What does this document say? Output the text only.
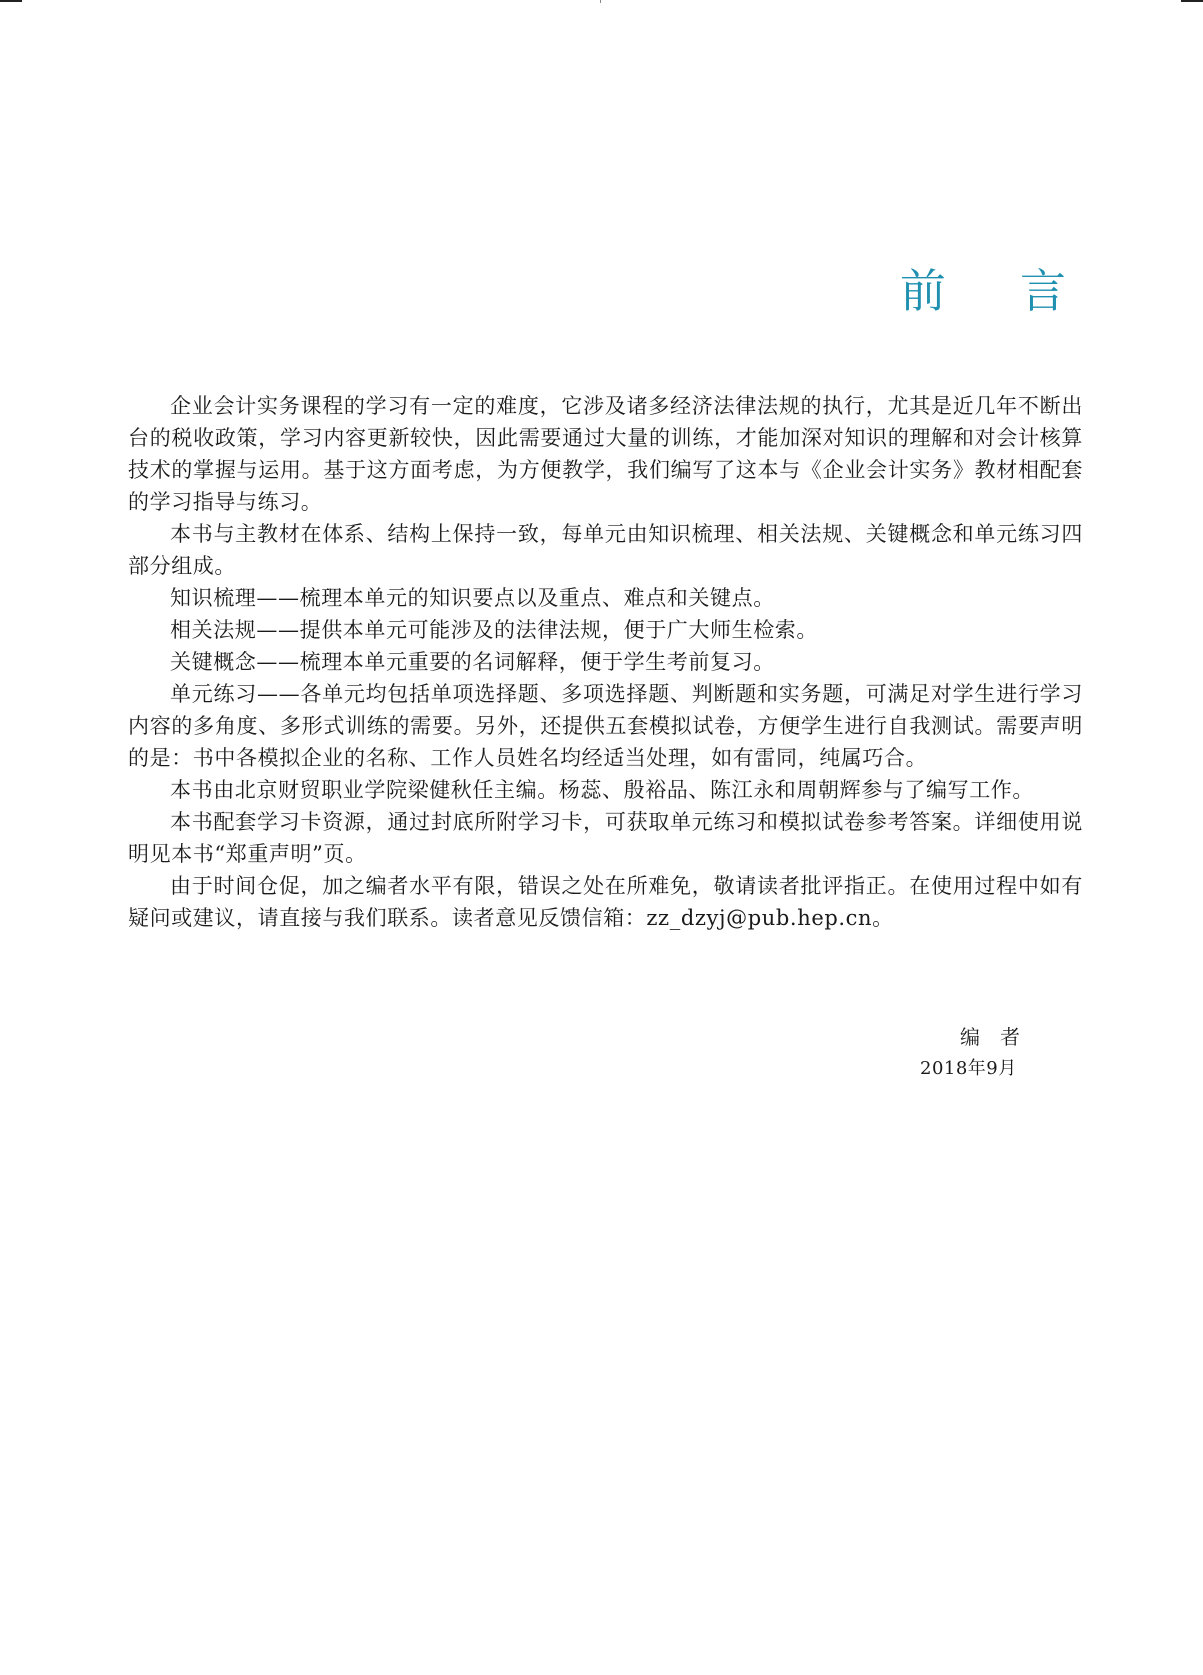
前言

企业会计实务课程的学习有一定的难度，它涉及诸多经济法律法规的执行，尤其是近几年不断出台的税收政策，学习内容更新较快，因此需要通过大量的训练，才能加深对知识的理解和对会计核算技术的掌握与运用。基于这方面考虑，为方便教学，我们编写了这本与《企业会计实务》教材相配套的学习指导与练习。

本书与主教材在体系、结构上保持一致，每单元由知识梳理、相关法规、关键概念和单元练习四部分组成。

知识梳理——梳理本单元的知识要点以及重点、难点和关键点。

相关法规——提供本单元可能涉及的法律法规，便于广大师生检索。

关键概念——梳理本单元重要的名词解释，便于学生考前复习。

单元练习——各单元均包括单项选择题、多项选择题、判断题和实务题，可满足对学生进行学习内容的多角度、多形式训练的需要。另外，还提供五套模拟试卷，方便学生进行自我测试。需要声明的是：书中各模拟企业的名称、工作人员姓名均经适当处理，如有雷同，纯属巧合。

本书由北京财贸职业学院梁健秋任主编。杨蕊、殷裕品、陈江永和周朝辉参与了编写工作。

本书配套学习卡资源，通过封底所附学习卡，可获取单元练习和模拟试卷参考答案。详细使用说明见本书“郑重声明”页。

由于时间仓促，加之编者水平有限，错误之处在所难免，敬请读者批评指正。在使用过程中如有疑问或建议，请直接与我们联系。读者意见反馈信箱：zz_dzyj@pub.hep.cn。

编者
2018年9月
